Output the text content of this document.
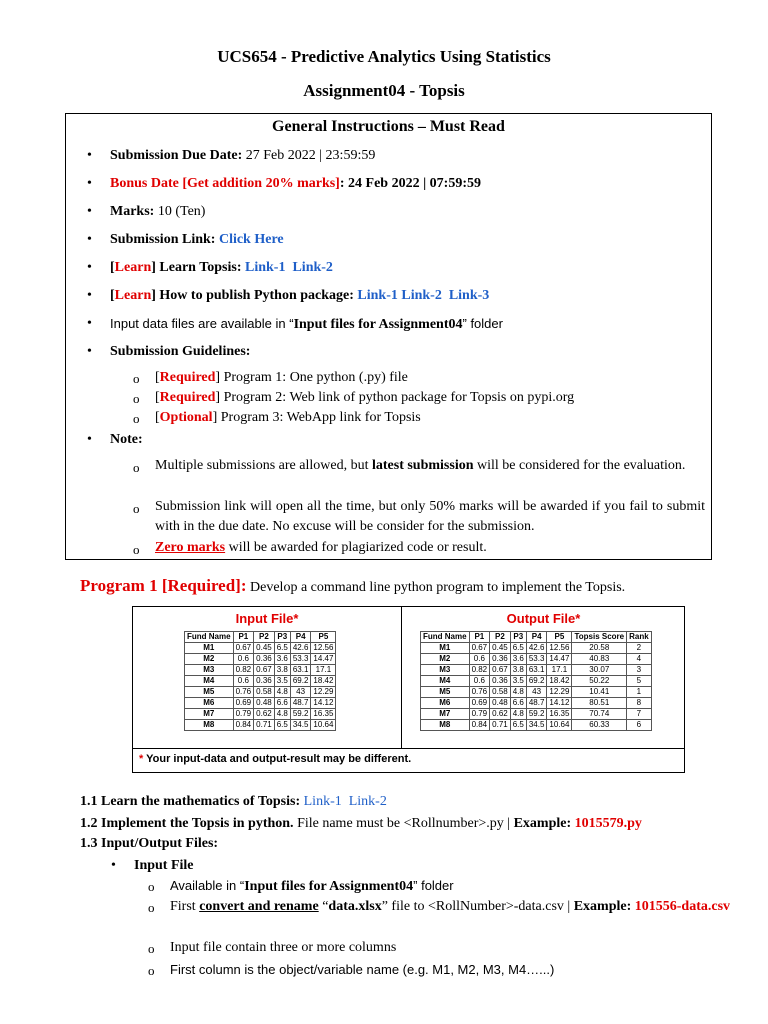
UCS654 - Predictive Analytics Using Statistics
Assignment04 - Topsis
General Instructions – Must Read
• Submission Due Date: 27 Feb 2022 | 23:59:59
• Bonus Date [Get addition 20% marks]: 24 Feb 2022 | 07:59:59
• Marks: 10 (Ten)
• Submission Link: Click Here
• [Learn] Learn Topsis: Link-1 Link-2
• [Learn] How to publish Python package: Link-1 Link-2 Link-3
• Input data files are available in “Input files for Assignment04” folder
• Submission Guidelines:
o [Required] Program 1: One python (.py) file
o [Required] Program 2: Web link of python package for Topsis on pypi.org
o [Optional] Program 3: WebApp link for Topsis
• Note:
o Multiple submissions are allowed, but latest submission will be considered for the evaluation.
o Submission link will open all the time, but only 50% marks will be awarded if you fail to submit with in the due date. No excuse will be consider for the submission.
o Zero marks will be awarded for plagiarized code or result.
Program 1 [Required]: Develop a command line python program to implement the Topsis.
Input File*	Output File*
Fund Name	P1	P2	P3	P4	P5
M1	0.67	0.45	6.5	42.6	12.56
M2	0.6	0.36	3.6	53.3	14.47
M3	0.82	0.67	3.8	63.1	17.1
M4	0.6	0.36	3.5	69.2	18.42
M5	0.76	0.58	4.8	43	12.29
M6	0.69	0.48	6.6	48.7	14.12
M7	0.79	0.62	4.8	59.2	16.35
M8	0.84	0.71	6.5	34.5	10.64
Fund Name	P1	P2	P3	P4	P5	Topsis Score	Rank
M1	0.67	0.45	6.5	42.6	12.56	20.58	2
M2	0.6	0.36	3.6	53.3	14.47	40.83	4
M3	0.82	0.67	3.8	63.1	17.1	30.07	3
M4	0.6	0.36	3.5	69.2	18.42	50.22	5
M5	0.76	0.58	4.8	43	12.29	10.41	1
M6	0.69	0.48	6.6	48.7	14.12	80.51	8
M7	0.79	0.62	4.8	59.2	16.35	70.74	7
M8	0.84	0.71	6.5	34.5	10.64	60.33	6
* Your input-data and output-result may be different.
1.1 Learn the mathematics of Topsis: Link-1 Link-2
1.2 Implement the Topsis in python. File name must be <Rollnumber>.py | Example: 1015579.py
1.3 Input/Output Files:
• Input File
o Available in “Input files for Assignment04” folder
o First convert and rename “data.xlsx” file to <RollNumber>-data.csv | Example: 101556-data.csv
o Input file contain three or more columns
o First column is the object/variable name (e.g. M1, M2, M3, M4…...)
